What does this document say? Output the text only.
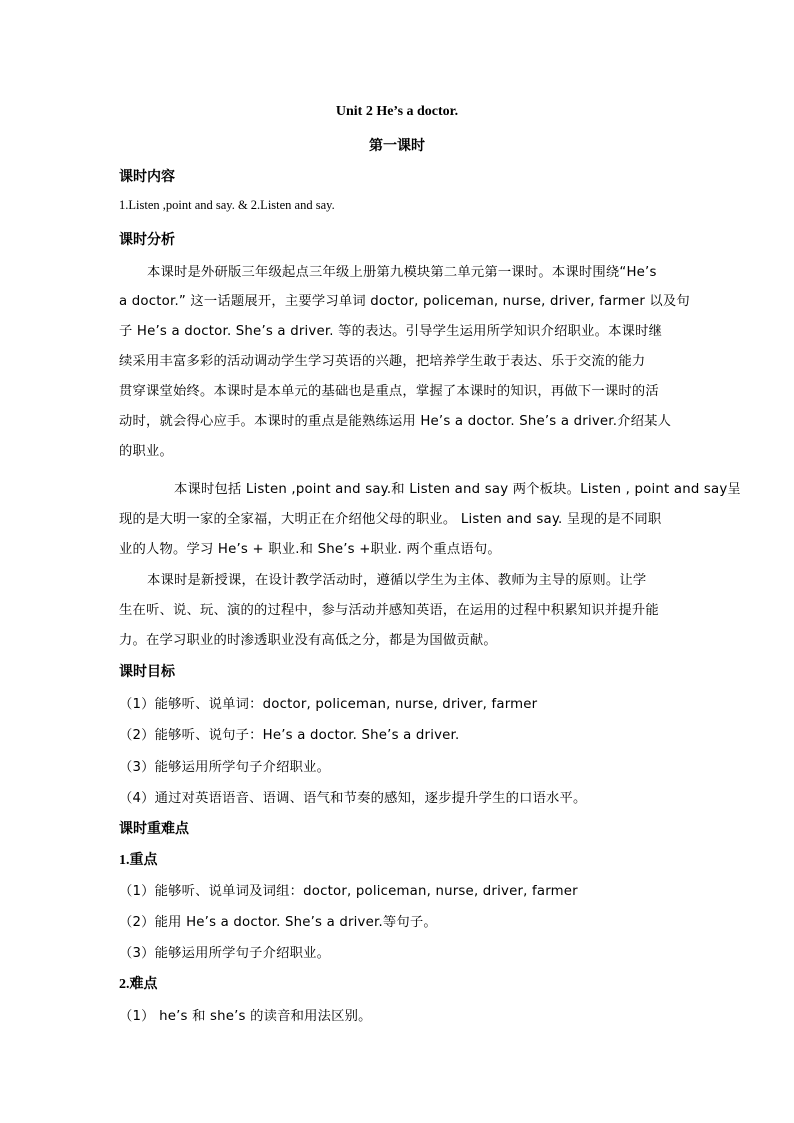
Unit 2 He’s a doctor.
第一课时
课时内容
1.Listen ,point and say. & 2.Listen and say.
课时分析
本课时是外研版三年级起点三年级上册第九模块第二单元第一课时。本课时围绕“He’s
a doctor.” 这一话题展开，主要学习单词 doctor, policeman, nurse, driver, farmer 以及句
子 He’s a doctor. She’s a driver. 等的表达。引导学生运用所学知识介绍职业。本课时继
续采用丰富多彩的活动调动学生学习英语的兴趣，把培养学生敢于表达、乐于交流的能力
贯穿课堂始终。本课时是本单元的基础也是重点，掌握了本课时的知识，再做下一课时的活
动时，就会得心应手。本课时的重点是能熟练运用 He’s a doctor. She’s a driver.介绍某人
的职业。
本课时包括 Listen ,point and say.和 Listen and say 两个板块。Listen , point and say呈
现的是大明一家的全家福，大明正在介绍他父母的职业。 Listen and say. 呈现的是不同职
业的人物。学习 He’s + 职业.和 She’s +职业. 两个重点语句。
本课时是新授课，在设计教学活动时，遵循以学生为主体、教师为主导的原则。让学
生在听、说、玩、演的的过程中，参与活动并感知英语，在运用的过程中积累知识并提升能
力。在学习职业的时渗透职业没有高低之分，都是为国做贡献。
课时目标
（1）能够听、说单词：doctor, policeman, nurse, driver, farmer
（2）能够听、说句子：He’s a doctor. She’s a driver.
（3）能够运用所学句子介绍职业。
（4）通过对英语语音、语调、语气和节奏的感知，逐步提升学生的口语水平。
课时重难点
1.重点
（1）能够听、说单词及词组：doctor, policeman, nurse, driver, farmer
（2）能用 He’s a doctor. She’s a driver.等句子。
（3）能够运用所学句子介绍职业。
2.难点
（1） he’s 和 she’s 的读音和用法区别。
